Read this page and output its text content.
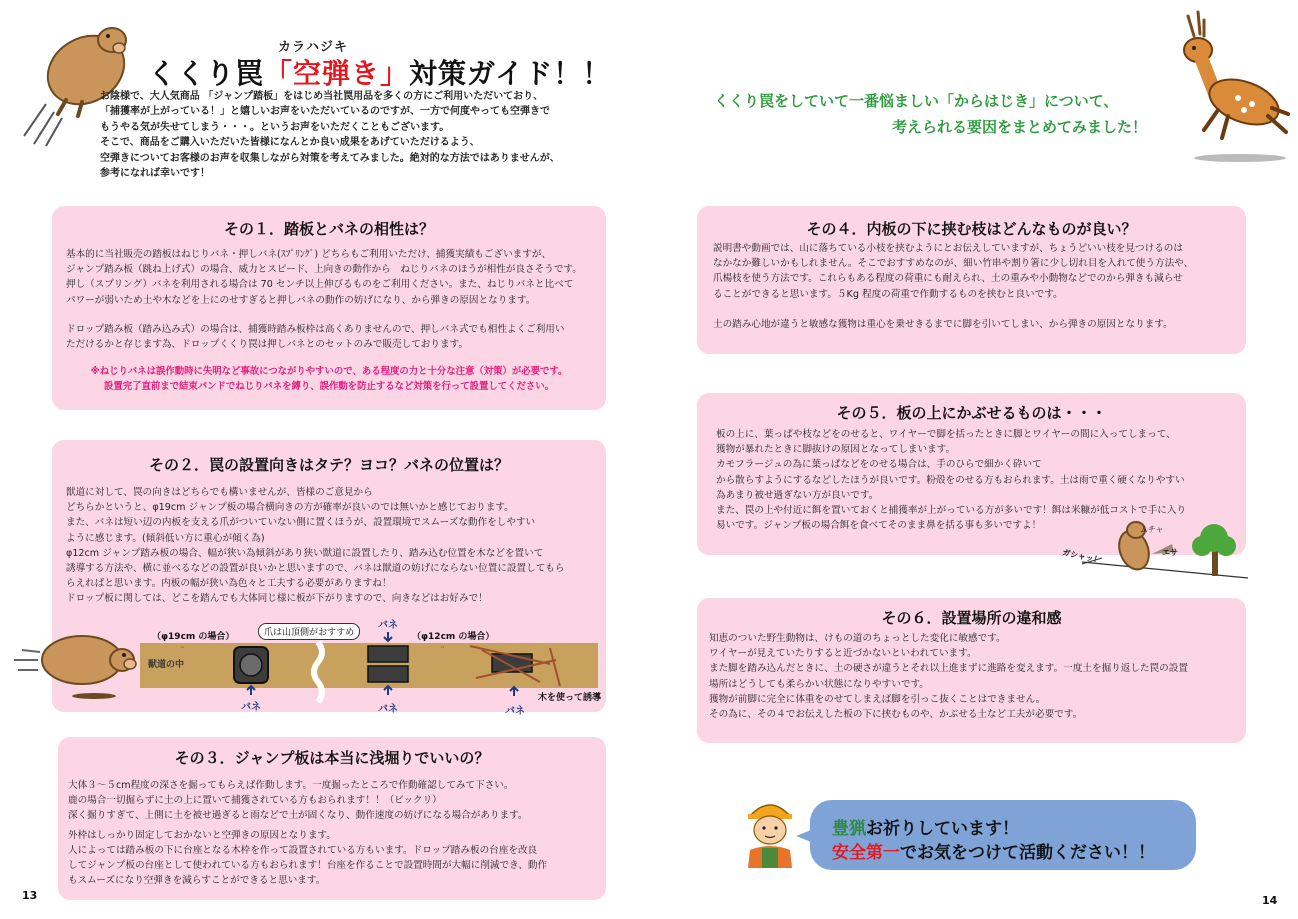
カラハジキ
くくり罠「空弾き」対策ガイド！！

お陰様で、大人気商品 「ジャンプ踏板」をはじめ当社罠用品を多くの方にご利用いただいており、

「捕獲率が上がっている！」と嬉しいお声をいただいているのですが、一方で何度やっても空弾きで

もうやる気が失せてしまう・・・。というお声をいただくこともございます。

そこで、商品をご購入いただいた皆様になんとか良い成果をあげていただけるよう、

空弾きについてお客様のお声を収集しながら対策を考えてみました。絶対的な方法ではありませんが、

参考になれば幸いです！

その１．踏板とバネの相性は？

基本的に当社販売の踏板はねじりバネ・押しバネ(ｽﾌﾟﾘﾝｸﾞ) どちらもご利用いただけ、捕獲実績もございますが、

ジャンプ踏み板（跳ね上げ式）の場合、威力とスピード、上向きの動作から　ねじりバネのほうが相性が良さそうです。

押し（スプリング）バネを利用される場合は 70 センチ以上伸びるものをご利用ください。また、ねじりバネと比べて

パワーが弱いため土や木などを上にのせすぎると押しバネの動作の妨げになり、から弾きの原因となります。

ドロップ踏み板（踏み込み式）の場合は、捕獲時踏み板枠は高くありませんので、押しバネ式でも相性よくご利用い

ただけるかと存じます為、ドロップくくり罠は押しバネとのセットのみで販売しております。

※ねじりバネは誤作動時に失明など事故につながりやすいので、ある程度の力と十分な注意（対策）が必要です。

設置完了直前まで結束バンドでねじりバネを縛り、誤作動を防止するなど対策を行って設置してください。

その２．罠の設置向きはタテ？ヨコ？バネの位置は？

獣道に対して、罠の向きはどちらでも構いませんが、皆様のご意見から

どちらかというと、φ19cm ジャンプ板の場合横向きの方が確率が良いのでは無いかと感じております。

また、バネは短い辺の内板を支える爪がついていない側に置くほうが、設置環境でスムーズな動作をしやすい

ように感じます。(傾斜低い方に重心が傾く為)

φ12cm ジャンプ踏み板の場合、幅が狭い為傾斜があり狭い獣道に設置したり、踏み込む位置を木などを置いて

誘導する方法や、横に並べるなどの設置が良いかと思いますので、バネは獣道の妨げにならない位置に設置してもら

らえればと思います。内板の幅が狭い為色々と工夫する必要がありますね！

ドロップ板に関しては、どこを踏んでも大体同じ様に板が下がりますので、向きなどはお好みで！

獣道の中
ᐧᐧ	ᐧᐧ
（φ19cm の場合）	爪は山頂側がおすすめ	（φ12cm の場合）
木を使って誘導
バネ
バネ	バネ	バネ
その３．ジャンプ板は本当に浅堀りでいいの？

大体３～５cm程度の深さを掘ってもらえば作動します。一度掘ったところで作動確認してみて下さい。

鹿の場合一切掘らずに土の上に置いて捕獲されている方もおられます！！（ビックリ）

深く掘りすぎて、上側に土を被せ過ぎると雨などで土が固くなり、動作速度の妨げになる場合があります。

外枠はしっかり固定しておかないと空弾きの原因となります。

人によっては踏み板の下に台座となる木枠を作って設置されている方もいます。ドロップ踏み板の台座を改良

してジャンプ板の台座として使われている方もおられます！台座を作ることで設置時間が大幅に削減でき、動作

もスムーズになり空弾きを減らすことができると思います。

13
くくり罠をしていて一番悩ましい「からはじき」について、
考えられる要因をまとめてみました！
その４．内板の下に挟む枝はどんなものが良い？

説明書や動画では、山に落ちている小枝を挟むようにとお伝えしていますが、ちょうどいい枝を見つけるのは

なかなか難しいかもしれません。そこでおすすめなのが、細い竹串や割り箸に少し切れ目を入れて使う方法や、

爪楊枝を使う方法です。これらもある程度の荷重にも耐えられ、土の重みや小動物などでのから弾きも減らせ

ることができると思います。５Kg 程度の荷重で作動するものを挟むと良いです。

土の踏み心地が違うと敏感な獲物は重心を乗せきるまでに脚を引いてしまい、から弾きの原因となります。

その５．板の上にかぶせるものは・・・

板の上に、葉っぱや枝などをのせると、ワイヤーで脚を括ったときに脚とワイヤーの間に入ってしまって、

獲物が暴れたときに脚抜けの原因となってしまいます。

カモフラージュの為に葉っぱなどをのせる場合は、手のひらで細かく砕いて

から散らすようにするなどしたほうが良いです。粉殻をのせる方もおられます。土は雨で重く硬くなりやすい

為あまり被せ過ぎない方が良いです。

また、罠の上や付近に餌を置いておくと捕獲率が上がっている方が多いです！餌は米糠が低コストで手に入り

易いです。ジャンプ板の場合餌を食べてそのまま鼻を括る事も多いですよ！

ガシャッ！
ムチャ
エサ
その６．設置場所の違和感

知恵のついた野生動物は、けもの道のちょっとした変化に敏感です。

ワイヤーが見えていたりすると近づかないといわれています。

また脚を踏み込んだときに、土の硬さが違うとそれ以上進まずに進路を変えます。一度土を掘り返した罠の設置

場所はどうしても柔らかい状態になりやすいです。

獲物が前脚に完全に体重をのせてしまえば脚を引っこ抜くことはできません。

その為に、その４でお伝えした板の下に挟むものや、かぶせる土など工夫が必要です。

豊猟お祈りしています！
安全第一でお気をつけて活動ください！！
14
